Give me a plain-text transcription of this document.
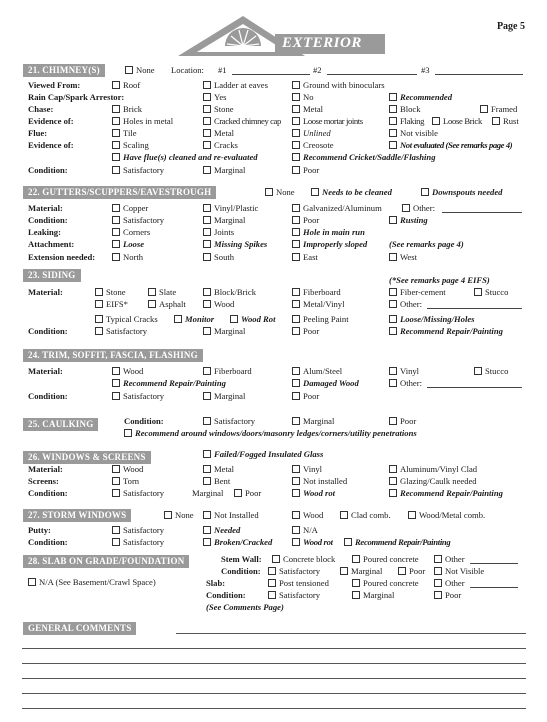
EXTERIOR
Page 5
21. CHIMNEY(S)	None Location: #1	#2	#3
Viewed From:	Roof	Ladder at eaves	Ground with binoculars
Rain Cap/Spark Arrestor:	Yes	No	Recommended
Chase:	Brick	Stone	Metal	Block	Framed
Evidence of:	Holes in metal	Cracked chimney cap	Loose mortar joints	Flaking	Loose Brick	Rust
Flue:	Tile	Metal	Unlined	Not visible
Evidence of:	Scaling	Cracks	Creosote	Not evaluated (See remarks page 4)
Have flue(s) cleaned and re-evaluated	Recommend Cricket/Saddle/Flashing
Condition:	Satisfactory	Marginal	Poor
22. GUTTERS/SCUPPERS/EAVESTROUGH	None	Needs to be cleaned	Downspouts needed
Material:	Copper	Vinyl/Plastic	Galvanized/Aluminum	Other:
Condition:	Satisfactory	Marginal	Poor	Rusting
Leaking:	Corners	Joints	Hole in main run
Attachment:	Loose	Missing Spikes	Improperly sloped	(See remarks page 4)
Extension needed:	North	South	East	West
23. SIDING	(*See remarks page 4 EIFS)
Material:	Stone	Slate	Block/Brick	Fiberboard	Fiber-cement	Stucco
EIFS*	Asphalt	Wood	Metal/Vinyl	Other:
Typical Cracks	Monitor	Wood Rot	Peeling Paint	Loose/Missing/Holes
Condition:	Satisfactory	Marginal	Poor	Recommend Repair/Painting
24. TRIM, SOFFIT, FASCIA, FLASHING
Material:	Wood	Fiberboard	Alum/Steel	Vinyl	Stucco
Recommend Repair/Painting	Damaged Wood	Other:
Condition:	Satisfactory	Marginal	Poor
25. CAULKING	Condition:	Satisfactory	Marginal	Poor
Recommend around windows/doors/masonry ledges/corners/utility penetrations
26. WINDOWS & SCREENS	Failed/Fogged Insulated Glass
Material:	Wood	Metal	Vinyl	Aluminum/Vinyl Clad
Screens:	Torn	Bent	Not installed	Glazing/Caulk needed
Condition:	Satisfactory	Marginal	Poor	Wood rot	Recommend Repair/Painting
27. STORM WINDOWS	None	Not Installed	Wood	Clad comb.	Wood/Metal comb.
Putty:	Satisfactory	Needed	N/A
Condition:	Satisfactory	Broken/Cracked	Wood rot	Recommend Repair/Painting
28. SLAB ON GRADE/FOUNDATION
N/A (See Basement/Crawl Space)
Stem Wall:	Concrete block	Poured concrete	Other
Condition:	Satisfactory	Marginal	Poor	Not Visible
Slab:	Post tensioned	Poured concrete	Other
Condition:	Satisfactory	Marginal	Poor
(See Comments Page)
GENERAL COMMENTS
